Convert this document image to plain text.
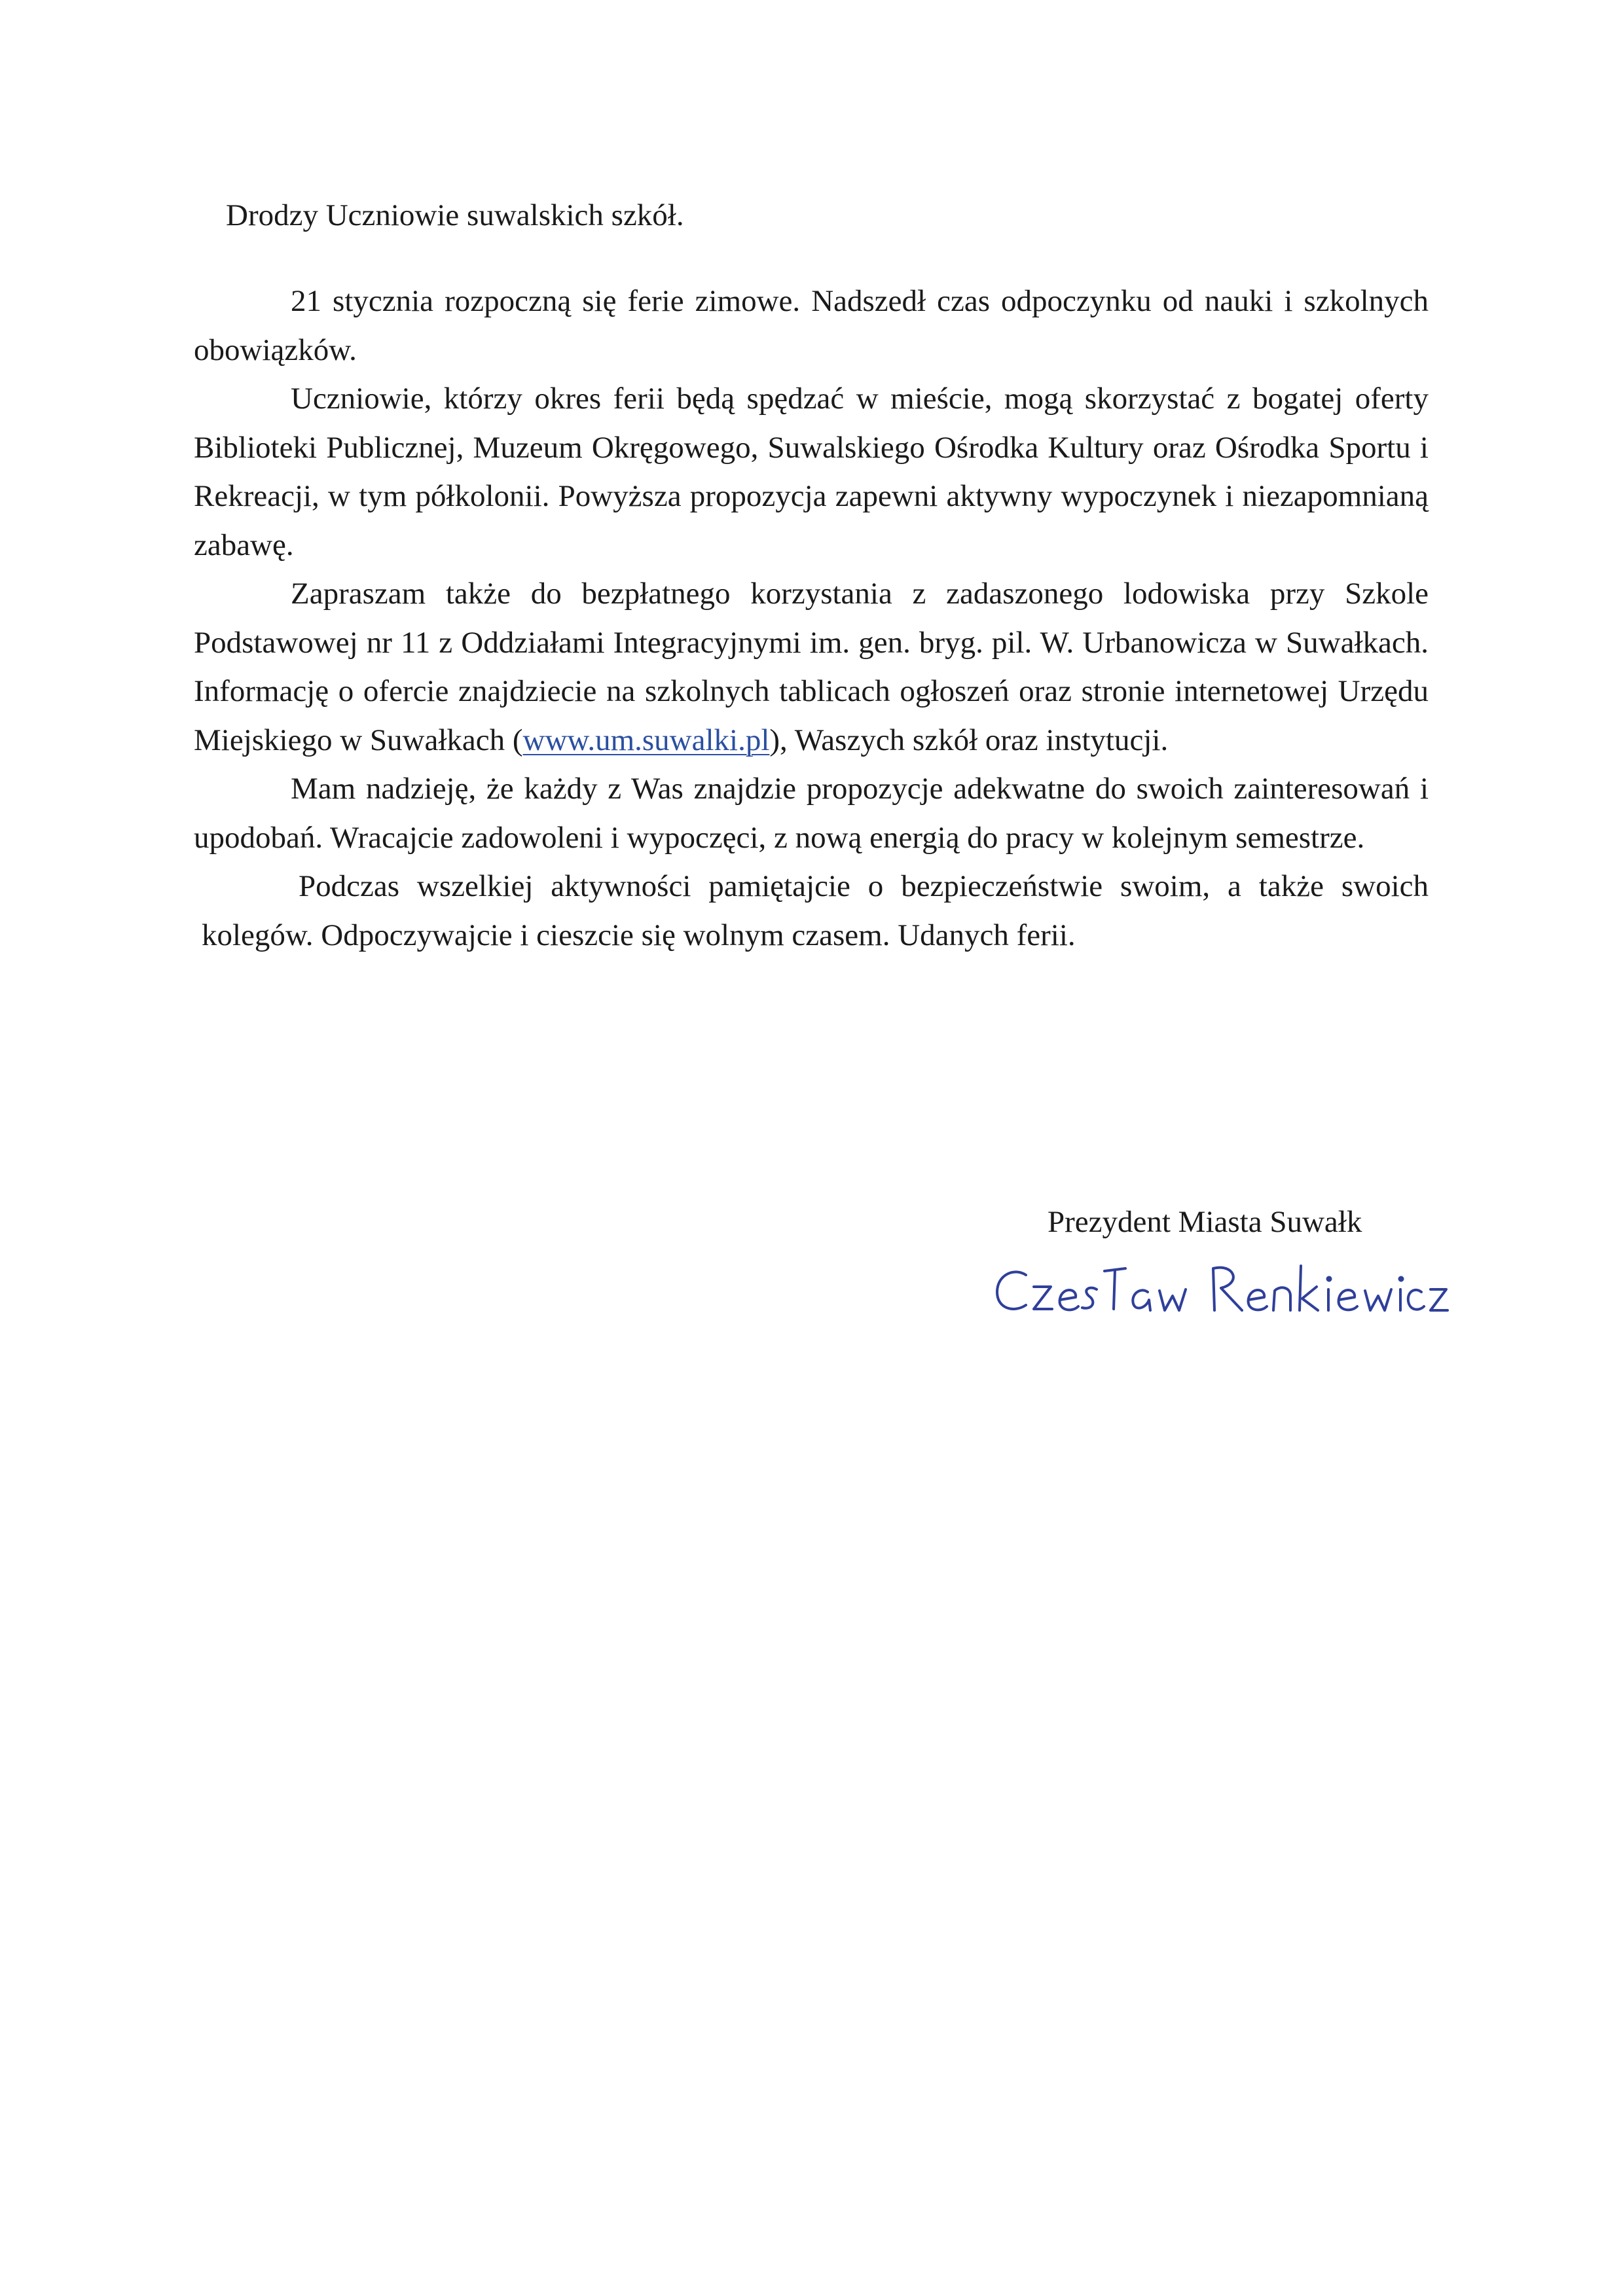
Drodzy Uczniowie suwalskich szkół.

21 stycznia rozpoczną się ferie zimowe. Nadszedł czas odpoczynku od nauki i szkolnych obowiązków.

Uczniowie, którzy okres ferii będą spędzać w mieście, mogą skorzystać z bogatej oferty Biblioteki Publicznej, Muzeum Okręgowego, Suwalskiego Ośrodka Kultury oraz Ośrodka Sportu i Rekreacji, w tym półkolonii. Powyższa propozycja zapewni aktywny wypoczynek i niezapomnianą zabawę.

Zapraszam także do bezpłatnego korzystania z zadaszonego lodowiska przy Szkole Podstawowej nr 11 z Oddziałami Integracyjnymi im. gen. bryg. pil. W. Urbanowicza w Suwałkach. Informację o ofercie znajdziecie na szkolnych tablicach ogłoszeń oraz stronie internetowej Urzędu Miejskiego w Suwałkach (www.um.suwalki.pl), Waszych szkół oraz instytucji.

Mam nadzieję, że każdy z Was znajdzie propozycje adekwatne do swoich zainteresowań i upodobań. Wracajcie zadowoleni i wypoczęci, z nową energią do pracy w kolejnym semestrze.

Podczas wszelkiej aktywności pamiętajcie o bezpieczeństwie swoim, a także swoich kolegów. Odpoczywajcie i cieszcie się wolnym czasem. Udanych ferii.

Prezydent Miasta Suwałk
